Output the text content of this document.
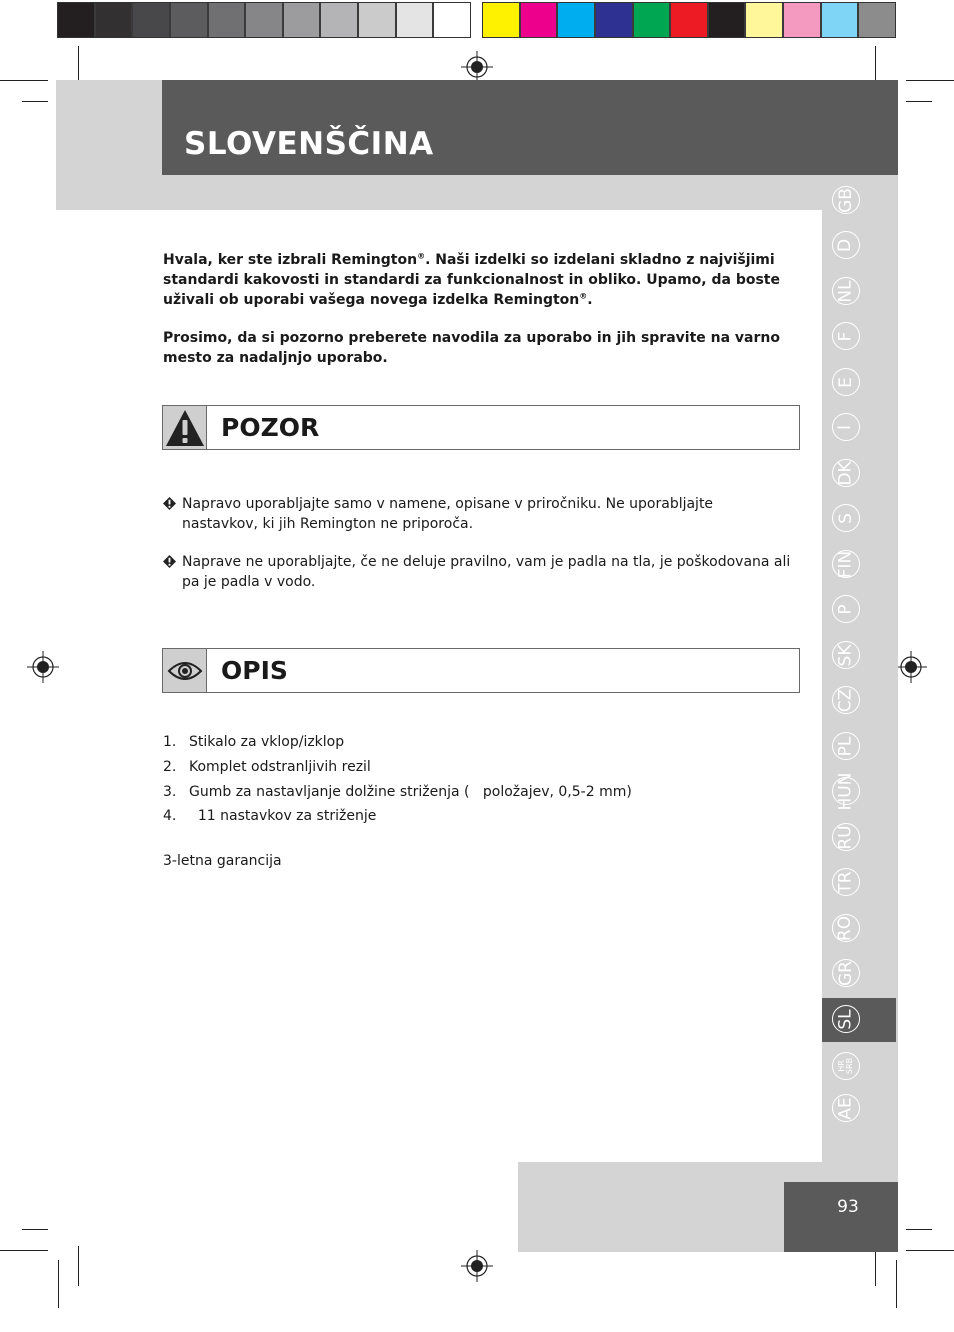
SLOVENŠČINA
GB
D
NL
F
E
I
DK
S
FIN
P
SK
CZ
PL
HUN
RU
TR
RO
GR
SL
HR
SRB
AE
Hvala, ker ste izbrali Remington®. Naši izdelki so izdelani skladno z najvišjimi standardi kakovosti in standardi za funkcionalnost in obliko. Upamo, da boste uživali ob uporabi vašega novega izdelka Remington®.
Prosimo, da si pozorno preberete navodila za uporabo in jih spravite na varno mesto za nadaljnjo uporabo.
POZOR
Napravo uporabljajte samo v namene, opisane v priročniku. Ne uporabljajte nastavkov, ki jih Remington ne priporoča.
Naprave ne uporabljajte, če ne deluje pravilno, vam je padla na tla, je poškodovana ali pa je padla v vodo.
OPIS
1. Stikalo za vklop/izklop
2. Komplet odstranljivih rezil
3. Gumb za nastavljanje dolžine striženja (   položajev, 0,5-2 mm)
4. 11 nastavkov za striženje
3-letna garancija
93
